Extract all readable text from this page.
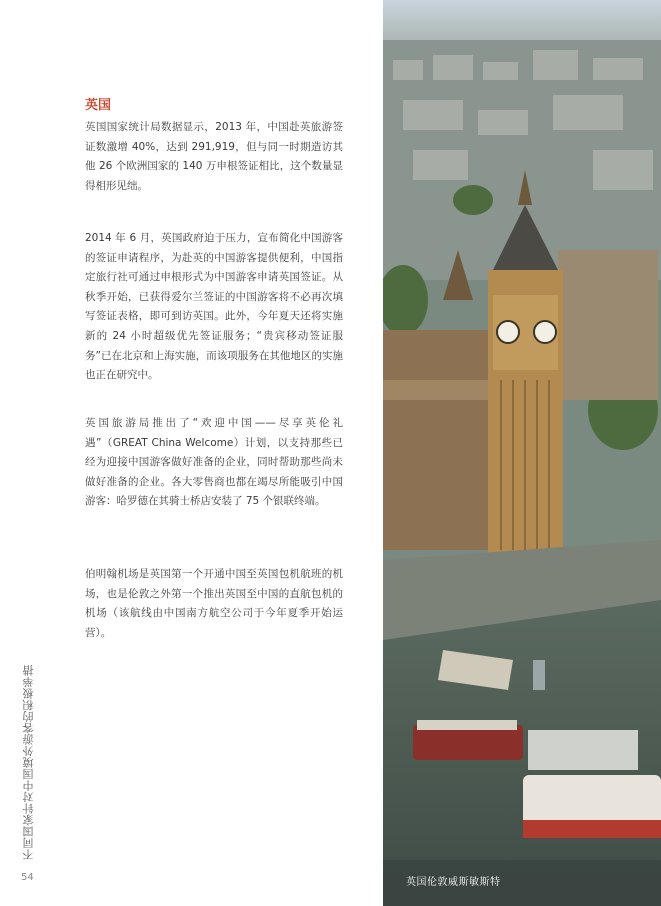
英国

英国国家统计局数据显示，2013 年，中国赴英旅游签证数激增 40%，达到 291,919，但与同一时期造访其他 26 个欧洲国家的 140 万申根签证相比，这个数量显得相形见绌。

2014 年 6 月，英国政府迫于压力，宣布简化中国游客的签证申请程序，为赴英的中国游客提供便利，中国指定旅行社可通过申根形式为中国游客申请英国签证。从秋季开始，已获得爱尔兰签证的中国游客将不必再次填写签证表格，即可到访英国。此外，今年夏天还将实施新的 24 小时超级优先签证服务；“贵宾移动签证服务”已在北京和上海实施，而该项服务在其他地区的实施也正在研究中。

英国旅游局推出了“欢迎中国——尽享英伦礼遇”（GREAT China Welcome）计划，以支持那些已经为迎接中国游客做好准备的企业，同时帮助那些尚未做好准备的企业。各大零售商也都在竭尽所能吸引中国游客：哈罗德在其骑士桥店安装了 75 个银联终端。

伯明翰机场是英国第一个开通中国至英国包机航班的机场，也是伦敦之外第一个推出英国至中国的直航包机的机场（该航线由中国南方航空公司于今年夏季开始运营）。

不同国家针对中国境外游客的积极举措
54	英国伦敦威斯敏斯特
